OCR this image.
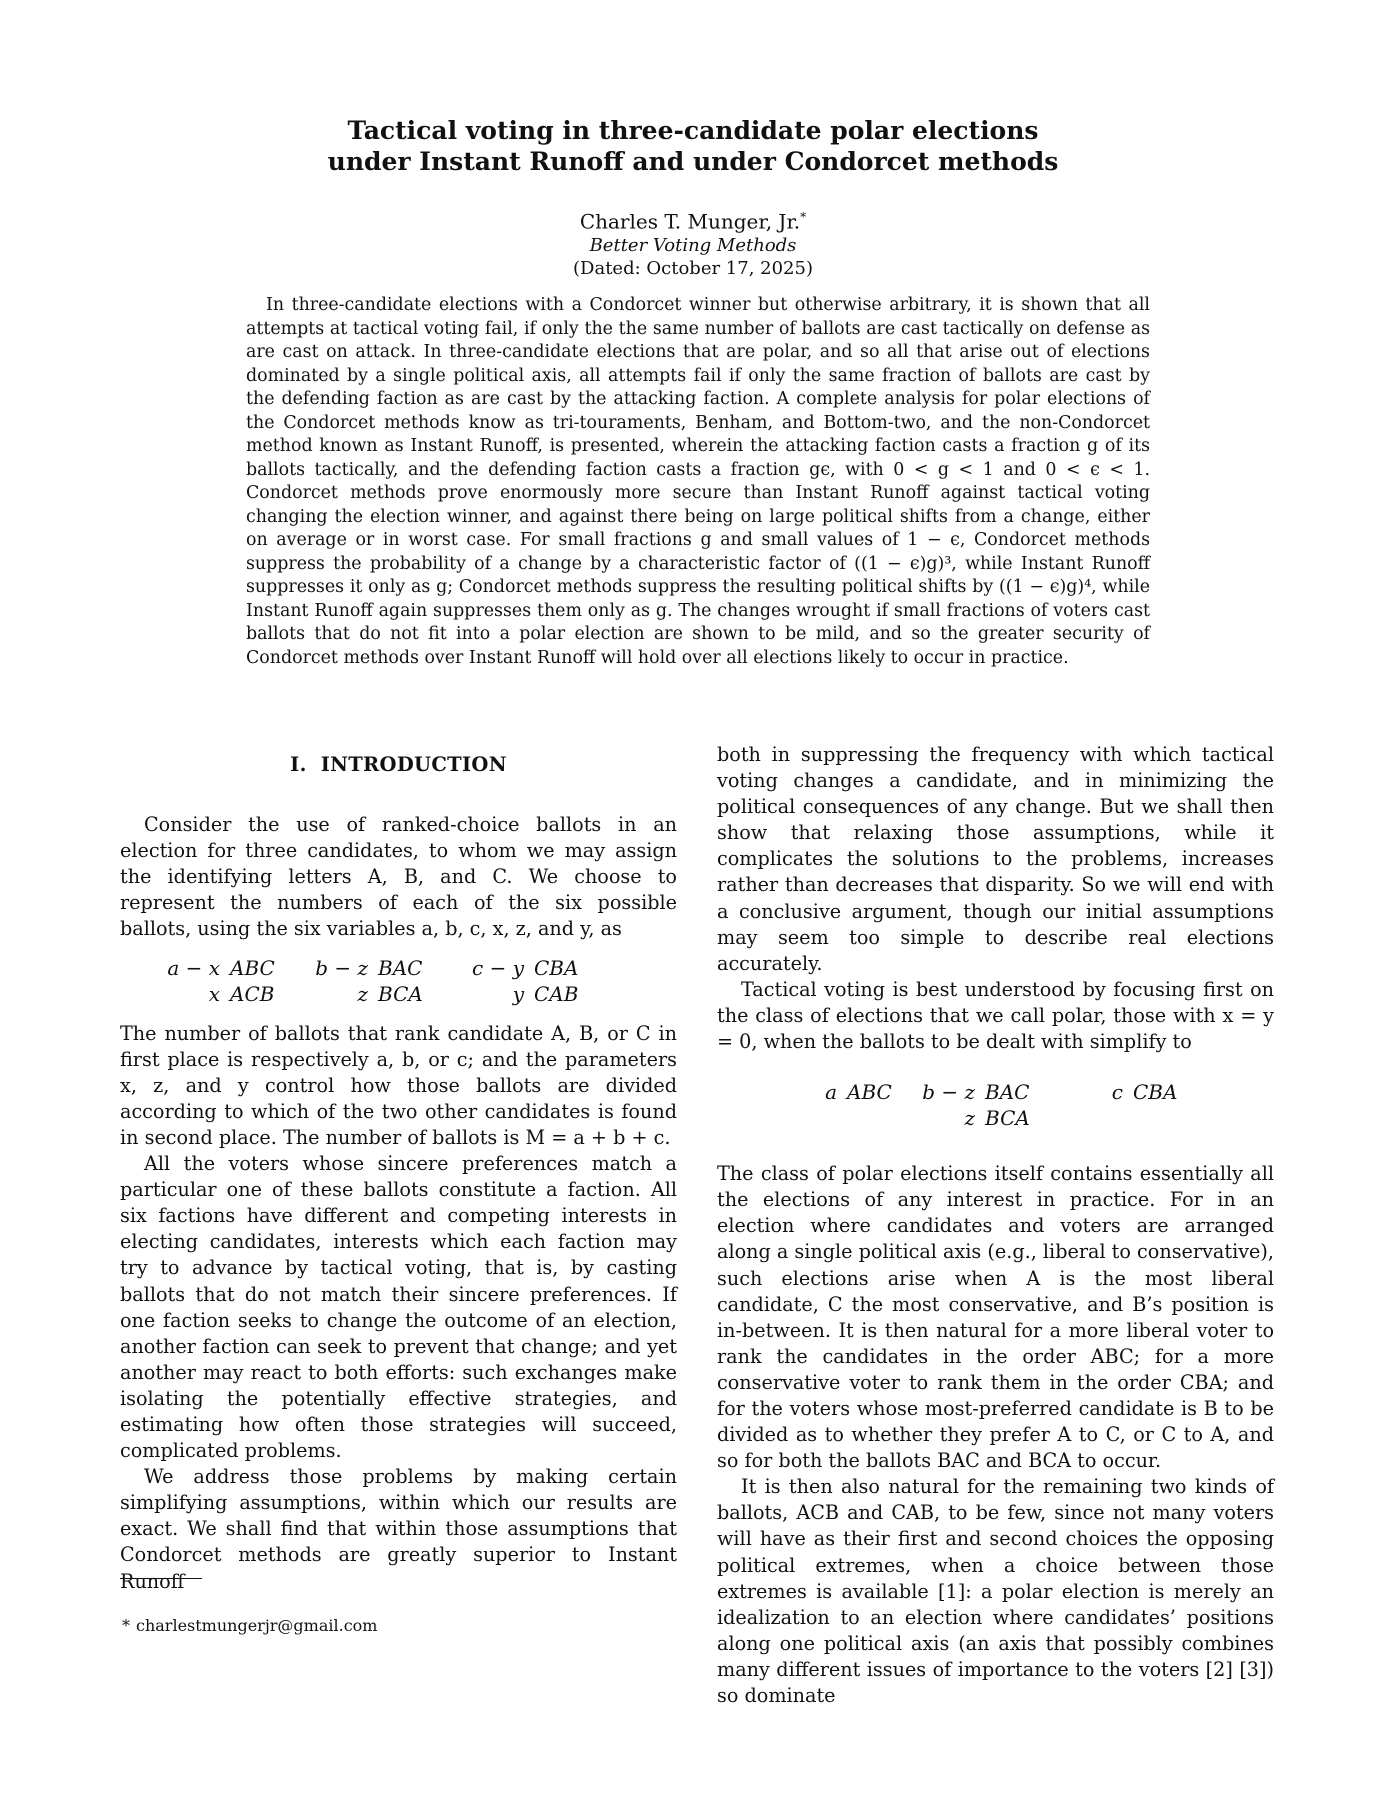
Tactical voting in three-candidate polar elections
under Instant Runoff and under Condorcet methods
Charles T. Munger, Jr.*
Better Voting Methods
(Dated: October 17, 2025)

In three-candidate elections with a Condorcet winner but otherwise arbitrary, it is shown that all attempts at tactical voting fail, if only the the same number of ballots are cast tactically on defense as are cast on attack. In three-candidate elections that are polar, and so all that arise out of elections dominated by a single political axis, all attempts fail if only the same fraction of ballots are cast by the defending faction as are cast by the attacking faction. A complete analysis for polar elections of the Condorcet methods know as tri-touraments, Benham, and Bottom-two, and the non-Condorcet method known as Instant Runoff, is presented, wherein the attacking faction casts a fraction g of its ballots tactically, and the defending faction casts a fraction gϵ, with 0 < g < 1 and 0 < ϵ < 1. Condorcet methods prove enormously more secure than Instant Runoff against tactical voting changing the election winner, and against there being on large political shifts from a change, either on average or in worst case. For small fractions g and small values of 1 − ϵ, Condorcet methods suppress the probability of a change by a characteristic factor of ((1 − ϵ)g)³, while Instant Runoff suppresses it only as g; Condorcet methods suppress the resulting political shifts by ((1 − ϵ)g)⁴, while Instant Runoff again suppresses them only as g. The changes wrought if small fractions of voters cast ballots that do not fit into a polar election are shown to be mild, and so the greater security of Condorcet methods over Instant Runoff will hold over all elections likely to occur in practice.

I. INTRODUCTION

Consider the use of ranked-choice ballots in an election for three candidates, to whom we may assign the identifying letters A, B, and C. We choose to represent the numbers of each of the six possible ballots, using the six variables a, b, c, x, z, and y, as

a − x ABC	b − z BAC	c − y CBA
x ACB	z BCA	y CAB

The number of ballots that rank candidate A, B, or C in first place is respectively a, b, or c; and the parameters x, z, and y control how those ballots are divided according to which of the two other candidates is found in second place. The number of ballots is M = a + b + c.

All the voters whose sincere preferences match a particular one of these ballots constitute a faction. All six factions have different and competing interests in electing candidates, interests which each faction may try to advance by tactical voting, that is, by casting ballots that do not match their sincere preferences. If one faction seeks to change the outcome of an election, another faction can seek to prevent that change; and yet another may react to both efforts: such exchanges make isolating the potentially effective strategies, and estimating how often those strategies will succeed, complicated problems.

We address those problems by making certain simplifying assumptions, within which our results are exact. We shall find that within those assumptions that Condorcet methods are greatly superior to Instant Runoff

both in suppressing the frequency with which tactical voting changes a candidate, and in minimizing the political consequences of any change. But we shall then show that relaxing those assumptions, while it complicates the solutions to the problems, increases rather than decreases that disparity. So we will end with a conclusive argument, though our initial assumptions may seem too simple to describe real elections accurately.

Tactical voting is best understood by focusing first on the class of elections that we call polar, those with x = y = 0, when the ballots to be dealt with simplify to

a ABC	b − z BAC	c CBA
z BCA

The class of polar elections itself contains essentially all the elections of any interest in practice. For in an election where candidates and voters are arranged along a single political axis (e.g., liberal to conservative), such elections arise when A is the most liberal candidate, C the most conservative, and B’s position is in-between. It is then natural for a more liberal voter to rank the candidates in the order ABC; for a more conservative voter to rank them in the order CBA; and for the voters whose most-preferred candidate is B to be divided as to whether they prefer A to C, or C to A, and so for both the ballots BAC and BCA to occur.

It is then also natural for the remaining two kinds of ballots, ACB and CAB, to be few, since not many voters will have as their first and second choices the opposing political extremes, when a choice between those extremes is available [1]: a polar election is merely an idealization to an election where candidates’ positions along one political axis (an axis that possibly combines many different issues of importance to the voters [2] [3]) so dominate

* charlestmungerjr@gmail.com
